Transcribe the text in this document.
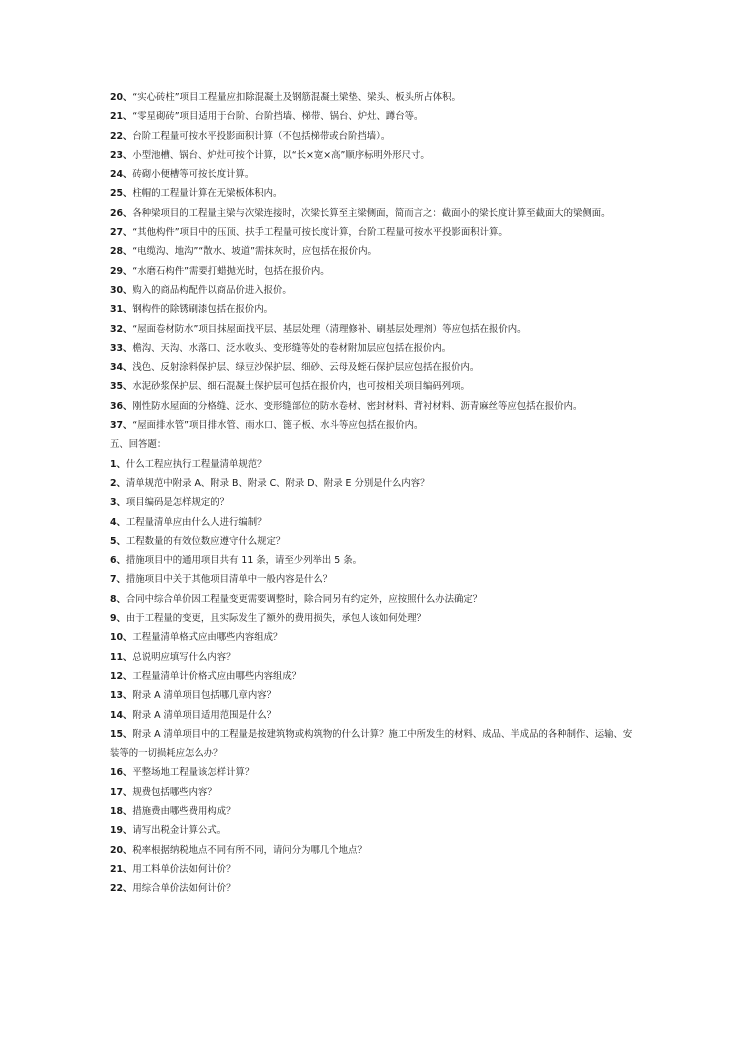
20、“实心砖柱”项目工程量应扣除混凝土及钢筋混凝土梁垫、梁头、板头所占体积。

21、“零星砌砖”项目适用于台阶、台阶挡墙、梯带、锅台、炉灶、蹲台等。

22、台阶工程量可按水平投影面积计算（不包括梯带或台阶挡墙）。

23、小型池槽、锅台、炉灶可按个计算，以“长×宽×高”顺序标明外形尺寸。

24、砖砌小便槽等可按长度计算。

25、柱帽的工程量计算在无梁板体积内。

26、各种梁项目的工程量主梁与次梁连接时，次梁长算至主梁侧面，简而言之：截面小的梁长度计算至截面大的梁侧面。

27、“其他构件”项目中的压顶、扶手工程量可按长度计算，台阶工程量可按水平投影面积计算。

28、“电缆沟、地沟”“散水、坡道”需抹灰时，应包括在报价内。

29、“水磨石构件”需要打蜡抛光时，包括在报价内。

30、购入的商品构配件以商品价进入报价。

31、钢构件的除锈刷漆包括在报价内。

32、“屋面卷材防水”项目抹屋面找平层、基层处理（清理修补、刷基层处理剂）等应包括在报价内。

33、檐沟、天沟、水落口、泛水收头、变形缝等处的卷材附加层应包括在报价内。

34、浅色、反射涂料保护层、绿豆沙保护层、细砂、云母及蛭石保护层应包括在报价内。

35、水泥砂浆保护层、细石混凝土保护层可包括在报价内，也可按相关项目编码列项。

36、刚性防水屋面的分格缝、泛水、变形缝部位的防水卷材、密封材料、背衬材料、沥青麻丝等应包括在报价内。

37、“屋面排水管”项目排水管、雨水口、篦子板、水斗等应包括在报价内。

五、回答题：

1、什么工程应执行工程量清单规范？

2、清单规范中附录 A、附录 B、附录 C、附录 D、附录 E 分别是什么内容？

3、项目编码是怎样规定的？

4、工程量清单应由什么人进行编制？

5、工程数量的有效位数应遵守什么规定？

6、措施项目中的通用项目共有 11 条，请至少列举出 5 条。

7、措施项目中关于其他项目清单中一般内容是什么？

8、合同中综合单价因工程量变更需要调整时，除合同另有约定外，应按照什么办法确定？

9、由于工程量的变更，且实际发生了额外的费用损失，承包人该如何处理？

10、工程量清单格式应由哪些内容组成？

11、总说明应填写什么内容？

12、工程量清单计价格式应由哪些内容组成？

13、附录 A 清单项目包括哪几章内容？

14、附录 A 清单项目适用范围是什么？

15、附录 A 清单项目中的工程量是按建筑物或构筑物的什么计算？施工中所发生的材料、成品、半成品的各种制作、运输、安装等的一切损耗应怎么办？

16、平整场地工程量该怎样计算？

17、规费包括哪些内容？

18、措施费由哪些费用构成？

19、请写出税金计算公式。

20、税率根据纳税地点不同有所不同，请问分为哪几个地点？

21、用工料单价法如何计价？

22、用综合单价法如何计价？
